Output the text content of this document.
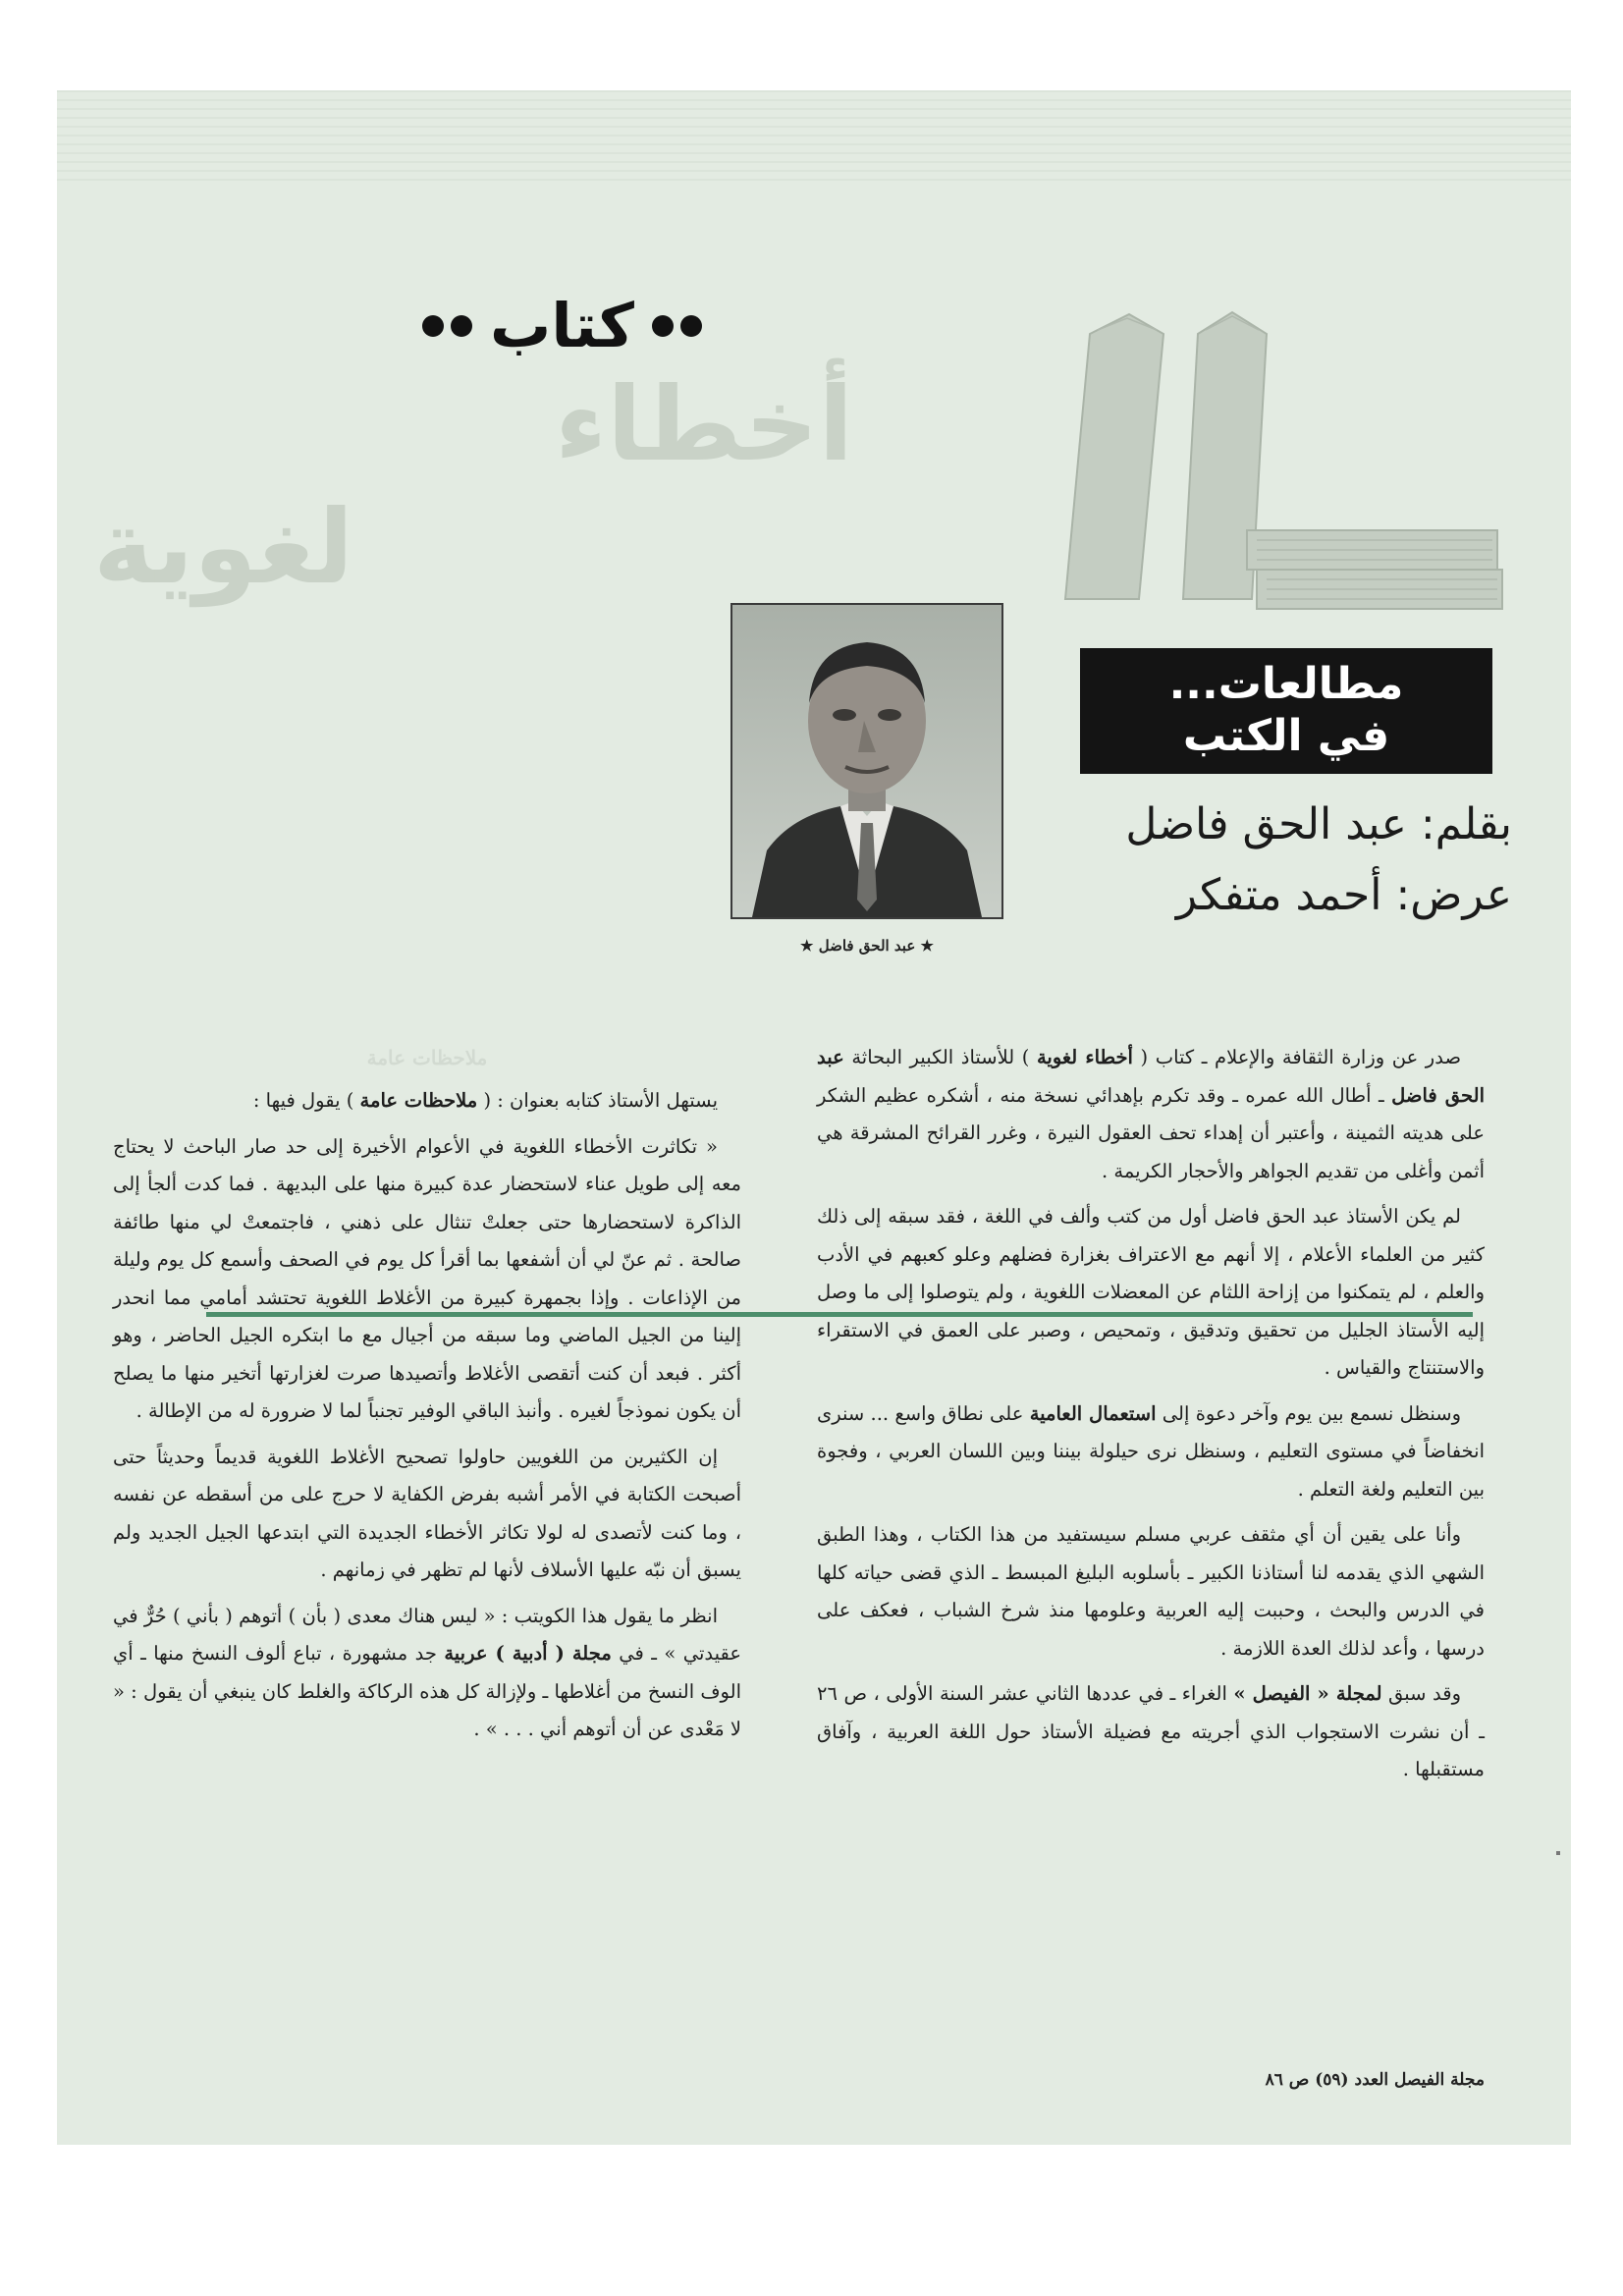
كتاب
أخطاء
لغوية
مطالعات...
في الكتب
بقلم: عبد الحق فاضل
عرض: أحمد متفكر
★ عبد الحق فاضل ★

صدر عن وزارة الثقافة والإعلام ـ كتاب ( أخطاء لغوية ) للأستاذ الكبير البحاثة عبد الحق فاضل ـ أطال الله عمره ـ وقد تكرم بإهدائي نسخة منه ، أشكره عظيم الشكر على هديته الثمينة ، وأعتبر أن إهداء تحف العقول النيرة ، وغرر القرائح المشرقة هي أثمن وأغلى من تقديم الجواهر والأحجار الكريمة .

لم يكن الأستاذ عبد الحق فاضل أول من كتب وألف في اللغة ، فقد سبقه إلى ذلك كثير من العلماء الأعلام ، إلا أنهم مع الاعتراف بغزارة فضلهم وعلو كعبهم في الأدب والعلم ، لم يتمكنوا من إزاحة اللثام عن المعضلات اللغوية ، ولم يتوصلوا إلى ما وصل إليه الأستاذ الجليل من تحقيق وتدقيق ، وتمحيص ، وصبر على العمق في الاستقراء والاستنتاج والقياس .

وسنظل نسمع بين يوم وآخر دعوة إلى استعمال العامية على نطاق واسع ... سنرى انخفاضاً في مستوى التعليم ، وسنظل نرى حيلولة بيننا وبين اللسان العربي ، وفجوة بين التعليم ولغة التعلم .

وأنا على يقين أن أي مثقف عربي مسلم سيستفيد من هذا الكتاب ، وهذا الطبق الشهي الذي يقدمه لنا أستاذنا الكبير ـ بأسلوبه البليغ المبسط ـ الذي قضى حياته كلها في الدرس والبحث ، وحببت إليه العربية وعلومها منذ شرخ الشباب ، فعكف على درسها ، وأعد لذلك العدة اللازمة .

وقد سبق لمجلة « الفيصل » الغراء ـ في عددها الثاني عشر السنة الأولى ، ص ٢٦ ـ أن نشرت الاستجواب الذي أجريته مع فضيلة الأستاذ حول اللغة العربية ، وآفاق مستقبلها .

ملاحظات عامة

يستهل الأستاذ كتابه بعنوان : ( ملاحظات عامة ) يقول فيها :

« تكاثرت الأخطاء اللغوية في الأعوام الأخيرة إلى حد صار الباحث لا يحتاج معه إلى طويل عناء لاستحضار عدة كبيرة منها على البديهة . فما كدت ألجأ إلى الذاكرة لاستحضارها حتى جعلتْ تنثال على ذهني ، فاجتمعتْ لي منها طائفة صالحة . ثم عنّ لي أن أشفعها بما أقرأ كل يوم في الصحف وأسمع كل يوم وليلة من الإذاعات . وإذا بجمهرة كبيرة من الأغلاط اللغوية تحتشد أمامي مما انحدر إلينا من الجيل الماضي وما سبقه من أجيال مع ما ابتكره الجيل الحاضر ، وهو أكثر . فبعد أن كنت أتقصى الأغلاط وأتصيدها صرت لغزارتها أتخير منها ما يصلح أن يكون نموذجاً لغيره . وأنبذ الباقي الوفير تجنباً لما لا ضرورة له من الإطالة .

إن الكثيرين من اللغويين حاولوا تصحيح الأغلاط اللغوية قديماً وحديثاً حتى أصبحت الكتابة في الأمر أشبه بفرض الكفاية لا حرج على من أسقطه عن نفسه ، وما كنت لأتصدى له لولا تكاثر الأخطاء الجديدة التي ابتدعها الجيل الجديد ولم يسبق أن نبّه عليها الأسلاف لأنها لم تظهر في زمانهم .

انظر ما يقول هذا الكويتب : « ليس هناك معدى ( بأن ) أتوهم ( بأني ) حُرٌّ في عقيدتي » ـ في مجلة ( أدبية ) عربية جد مشهورة ، تباع ألوف النسخ منها ـ أي الوف النسخ من أغلاطها ـ ولإزالة كل هذه الركاكة والغلط كان ينبغي أن يقول : « لا مَعْدى عن أن أتوهم أني . . . » .

مجلة الفيصل العدد (٥٩) ص ٨٦
